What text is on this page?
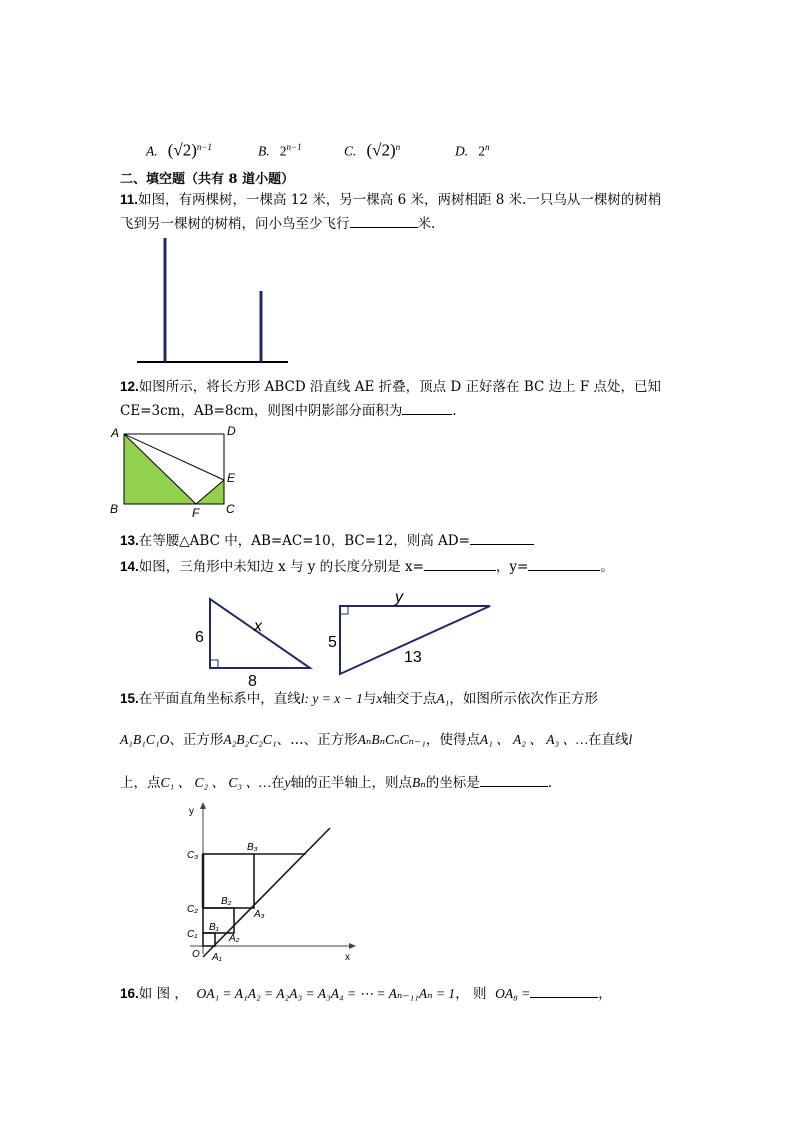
A. $(√2)^{n-1}$	B. $2^{n-1}$	C. $(√2)^n$	D. 2$^n$
二、填空题（共有 8 道小题）
11.如图，有两棵树，一棵高 12 米，另一棵高 6 米，两树相距 8 米.一只乌从一棵树的树梢
飞到另一棵树的树梢，问小鸟至少飞行	米.
12.如图所示，将长方形 ABCD 沿直线 AE 折叠，顶点 D 正好落在 BC 边上 F 点处，已知
CE=3cm，AB=8cm，则图中阴影部分面积为	.
A	D
E
B	F C
13.在等腰△ABC 中，AB=AC=10，BC=12，则高 AD=
14.如图，三角形中未知边 x 与 y 的长度分别是 x=	，y=	。
6
8
x
y
5
13
15.在平面直角坐标系中，直线l: y = x − 1与x轴交于点A₁，如图所示依次作正方形
A₁B₁C₁O、正方形A₂B₂C₂C₁、…、正方形AₙBₙCₙCₙ₋₁，使得点A₁ 、 A₂ 、 A₃ 、…在直线l
上，点C₁ 、 C₂ 、 C₃ 、…在y轴的正半轴上，则点Bₙ的坐标是	.
y
x
O
C₁
C₂
C₃
B₁
B₂
B₃
A₁
A₂
A₃
16.如 图 ， OA₁ = A₁A₂ = A₂A₃ = A₃A₄ = ⋯ = Aₙ₋₁₁Aₙ = 1， 则 OA₈ =	，
